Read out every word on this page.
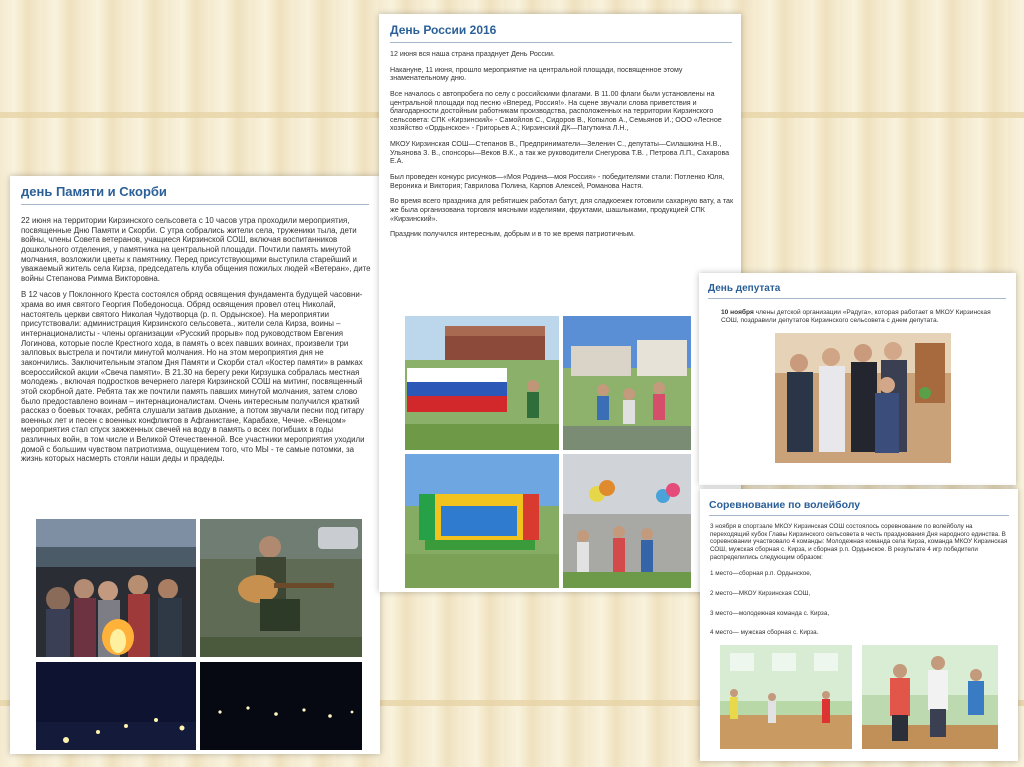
день Памяти и Скорби

22 июня на территории Кирзинского сельсовета с 10 часов утра проходили мероприятия, посвященные Дню Памяти и Скорби. С утра собрались жители села, труженики тыла, дети войны, члены Совета ветеранов, учащиеся Кирзинской СОШ, включая воспитанников дошкольного отделения, у памятника на центральной площади. Почтили память минутой молчания, возложили цветы к памятнику. Перед присутствующими выступила старейший и уважаемый житель села Кирза, председатель клуба общения пожилых людей «Ветеран», дите войны Степанова Римма Викторовна.

В 12 часов у Поклонного Креста состоялся обряд освящения фундамента будущей часовни-храма во имя святого Георгия Победоносца. Обряд освящения провел отец Николай, настоятель церкви святого Николая Чудотворца (р. п. Ордынское). На мероприятии присутствовали: администрация Кирзинского сельсовета., жители села Кирза, воины – интернационалисты - члены организации «Русский прорыв» под руководством Евгения Логинова, которые после Крестного хода, в память о всех павших воинах, произвели три залповых выстрела и почтили минутой молчания. Но на этом мероприятия дня не закончились. Заключительным этапом Дня Памяти и Скорби стал «Костер памяти» в рамках всероссийской акции «Свеча памяти». В 21.30 на берегу реки Кирзушка собралась местная молодежь , включая подростков вечернего лагеря Кирзинской СОШ на митинг, посвященный этой скорбной дате. Ребята так же почтили память павших минутой молчания, затем слово было предоставлено воинам – интернационалистам. Очень интересным получился краткий рассказ о боевых точках, ребята слушали затаив дыхание, а потом звучали песни под гитару военных лет и песен с военных конфликтов в Афганистане, Карабахе, Чечне. «Венцом» мероприятия стал спуск зажженных свечей на воду в память о всех погибших в годы различных войн, в том числе и Великой Отечественной. Все участники мероприятия уходили домой с большим чувством патриотизма, ощущением того, что МЫ - те самые потомки, за жизнь которых насмерть стояли наши деды и прадеды.

День России 2016

12 июня вся наша страна празднует День России.

Накануне, 11 июня, прошло мероприятие на центральной площади, посвященное этому знаменательному дню.

Все началось с автопробега по селу с российскими флагами. В 11.00 флаги были установлены на центральной площади под песню «Вперед, Россия!». На сцене звучали слова приветствия и благодарности достойным работникам производства, расположенных на территории Кирзинского сельсовета: СПК «Кирзинский» - Самойлов С., Сидоров В., Копылов А., Семьянов И.; ООО «Лесное хозяйство «Ордынское» - Григорьев А.; Кирзинский ДК—Пагуткина Л.Н.,

МКОУ Кирзинская СОШ—Степанов В., Предприниматели—Зеленин С., депутаты—Силашкина Н.В., Ульянова З. В., спонсоры—Веков В.К., а так же руководители Снегурова Т.В. , Петрова Л.П., Сахарова Е.А.

Был проведен конкурс рисунков—«Моя Родина—моя Россия» - победителями стали: Потленко Юля, Вероника и Виктория; Гаврилова Полина, Карпов Алексей, Романова Настя.

Во время всего праздника для ребятишек работал батут, для сладкоежек готовили сахарную вату, а так же была организована торговля мясными изделиями, фруктами, шашлыками, продукцией СПК «Кирзинский».

Праздник получился интересным, добрым и в то же время патриотичным.

День депутата
10 ноября члены детской организации «Радуга», которая работает в МКОУ Кирзинская СОШ, поздравили депутатов Кирзинского сельсовета с днем депутата.
Соревнование по волейболу

3 ноября в спортзале МКОУ Кирзинская СОШ состоялось соревнование по волейболу на переходящий кубок Главы Кирзинского сельсовета в честь празднования Дня народного единства. В соревновании участвовало 4 команды: Молодежная команда села Кирза, команда МКОУ Кирзинская СОШ, мужская сборная с. Кирза, и сборная р.п. Ордынское. В результате 4 игр победители распределились следующим образом:

1 место—сборная р.п. Ордынское,

2 место—МКОУ Кирзинская СОШ,

3 место—молодежная команда с. Кирза,

4 место— мужская сборная с. Кирза.
